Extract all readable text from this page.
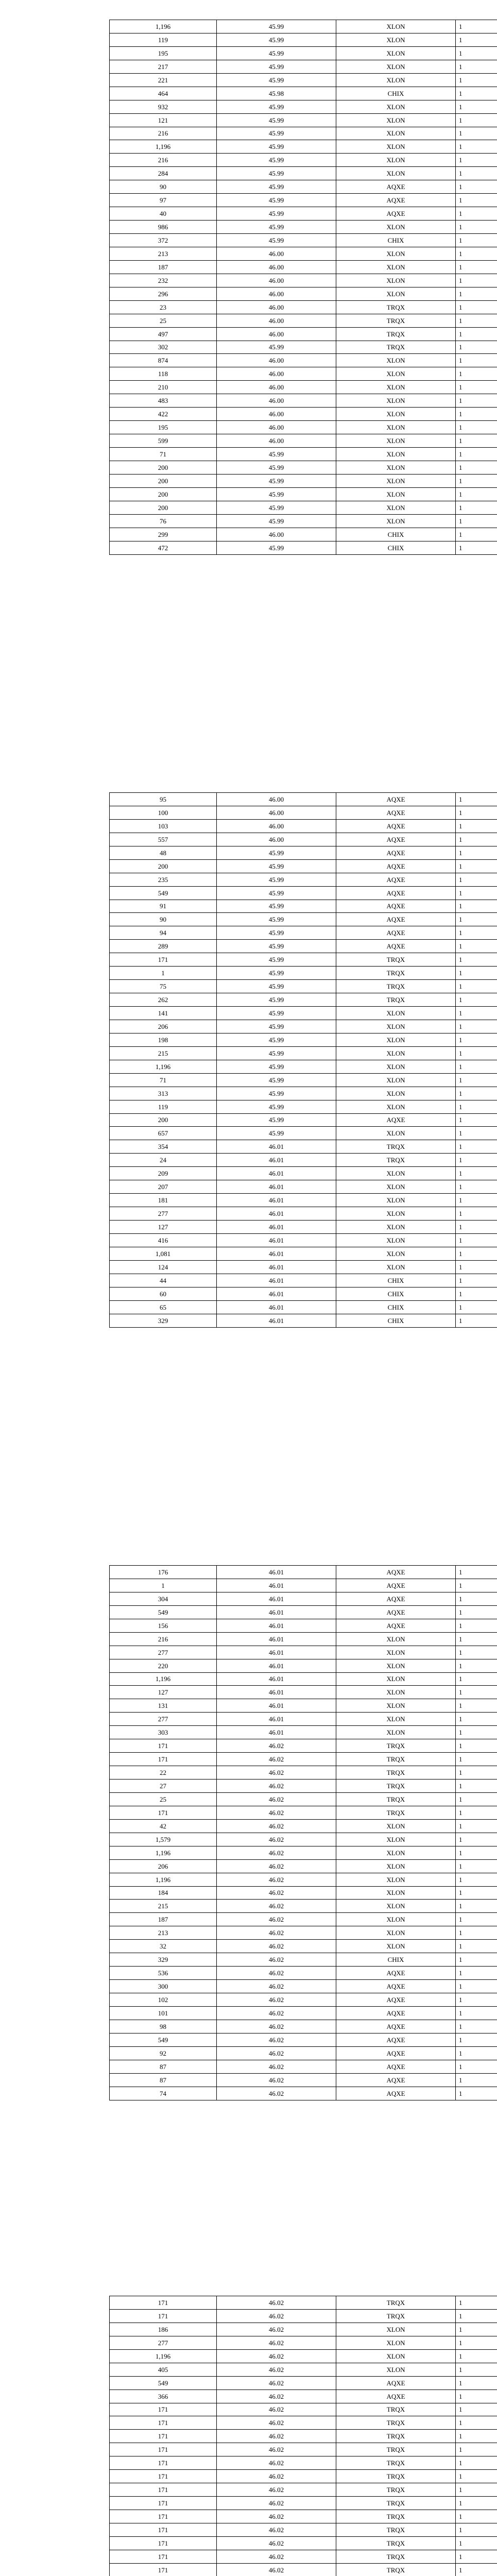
1,196	45.99	XLON	1
119	45.99	XLON	1
195	45.99	XLON	1
217	45.99	XLON	1
221	45.99	XLON	1
464	45.98	CHIX	1
932	45.99	XLON	1
121	45.99	XLON	1
216	45.99	XLON	1
1,196	45.99	XLON	1
216	45.99	XLON	1
284	45.99	XLON	1
90	45.99	AQXE	1
97	45.99	AQXE	1
40	45.99	AQXE	1
986	45.99	XLON	1
372	45.99	CHIX	1
213	46.00	XLON	1
187	46.00	XLON	1
232	46.00	XLON	1
296	46.00	XLON	1
23	46.00	TRQX	1
25	46.00	TRQX	1
497	46.00	TRQX	1
302	45.99	TRQX	1
874	46.00	XLON	1
118	46.00	XLON	1
210	46.00	XLON	1
483	46.00	XLON	1
422	46.00	XLON	1
195	46.00	XLON	1
599	46.00	XLON	1
71	45.99	XLON	1
200	45.99	XLON	1
200	45.99	XLON	1
200	45.99	XLON	1
200	45.99	XLON	1
76	45.99	XLON	1
299	46.00	CHIX	1
472	45.99	CHIX	1
95	46.00	AQXE	1
100	46.00	AQXE	1
103	46.00	AQXE	1
557	46.00	AQXE	1
48	45.99	AQXE	1
200	45.99	AQXE	1
235	45.99	AQXE	1
549	45.99	AQXE	1
91	45.99	AQXE	1
90	45.99	AQXE	1
94	45.99	AQXE	1
289	45.99	AQXE	1
171	45.99	TRQX	1
1	45.99	TRQX	1
75	45.99	TRQX	1
262	45.99	TRQX	1
141	45.99	XLON	1
206	45.99	XLON	1
198	45.99	XLON	1
215	45.99	XLON	1
1,196	45.99	XLON	1
71	45.99	XLON	1
313	45.99	XLON	1
119	45.99	XLON	1
200	45.99	AQXE	1
657	45.99	XLON	1
354	46.01	TRQX	1
24	46.01	TRQX	1
209	46.01	XLON	1
207	46.01	XLON	1
181	46.01	XLON	1
277	46.01	XLON	1
127	46.01	XLON	1
416	46.01	XLON	1
1,081	46.01	XLON	1
124	46.01	XLON	1
44	46.01	CHIX	1
60	46.01	CHIX	1
65	46.01	CHIX	1
329	46.01	CHIX	1
176	46.01	AQXE	1
1	46.01	AQXE	1
304	46.01	AQXE	1
549	46.01	AQXE	1
156	46.01	AQXE	1
216	46.01	XLON	1
277	46.01	XLON	1
220	46.01	XLON	1
1,196	46.01	XLON	1
127	46.01	XLON	1
131	46.01	XLON	1
277	46.01	XLON	1
303	46.01	XLON	1
171	46.02	TRQX	1
171	46.02	TRQX	1
22	46.02	TRQX	1
27	46.02	TRQX	1
25	46.02	TRQX	1
171	46.02	TRQX	1
42	46.02	XLON	1
1,579	46.02	XLON	1
1,196	46.02	XLON	1
206	46.02	XLON	1
1,196	46.02	XLON	1
184	46.02	XLON	1
215	46.02	XLON	1
187	46.02	XLON	1
213	46.02	XLON	1
32	46.02	XLON	1
329	46.02	CHIX	1
536	46.02	AQXE	1
300	46.02	AQXE	1
102	46.02	AQXE	1
101	46.02	AQXE	1
98	46.02	AQXE	1
549	46.02	AQXE	1
92	46.02	AQXE	1
87	46.02	AQXE	1
87	46.02	AQXE	1
74	46.02	AQXE	1
171	46.02	TRQX	1
171	46.02	TRQX	1
186	46.02	XLON	1
277	46.02	XLON	1
1,196	46.02	XLON	1
405	46.02	XLON	1
549	46.02	AQXE	1
366	46.02	AQXE	1
171	46.02	TRQX	1
171	46.02	TRQX	1
171	46.02	TRQX	1
171	46.02	TRQX	1
171	46.02	TRQX	1
171	46.02	TRQX	1
171	46.02	TRQX	1
171	46.02	TRQX	1
171	46.02	TRQX	1
171	46.02	TRQX	1
171	46.02	TRQX	1
171	46.02	TRQX	1
171	46.02	TRQX	1
